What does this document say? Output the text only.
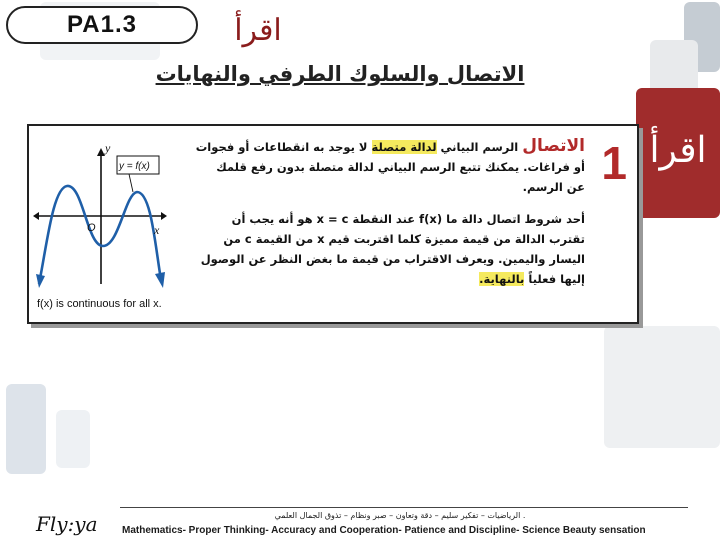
PA1.3	اقرأ
اقرأ
الاتصال والسلوك الطرفي والنهايات
y = f(x)
y
x
O
f(x) is continuous for all x.
1
الاتصال الرسم البياني لدالة متصلة لا يوجد به انقطاعات أو فجوات أو فراغات. يمكنك تتبع الرسم البياني لدالة متصلة بدون رفع قلمك عن الرسم.
أحد شروط اتصال دالة ما f(x) عند النقطة x = c هو أنه يجب أن تقترب الدالة من قيمة مميزة كلما اقتربت قيم x من القيمة c من اليسار واليمين. ويعرف الاقتراب من قيمة ما بغض النظر عن الوصول إليها فعلياً بالنهاية.
. الرياضيات – تفكير سليم – دقة وتعاون – صبر ونظام – تذوق الجمال العلمي
Mathematics- Proper Thinking- Accuracy and Cooperation- Patience and Discipline- Science Beauty sensation
Fly:ya
